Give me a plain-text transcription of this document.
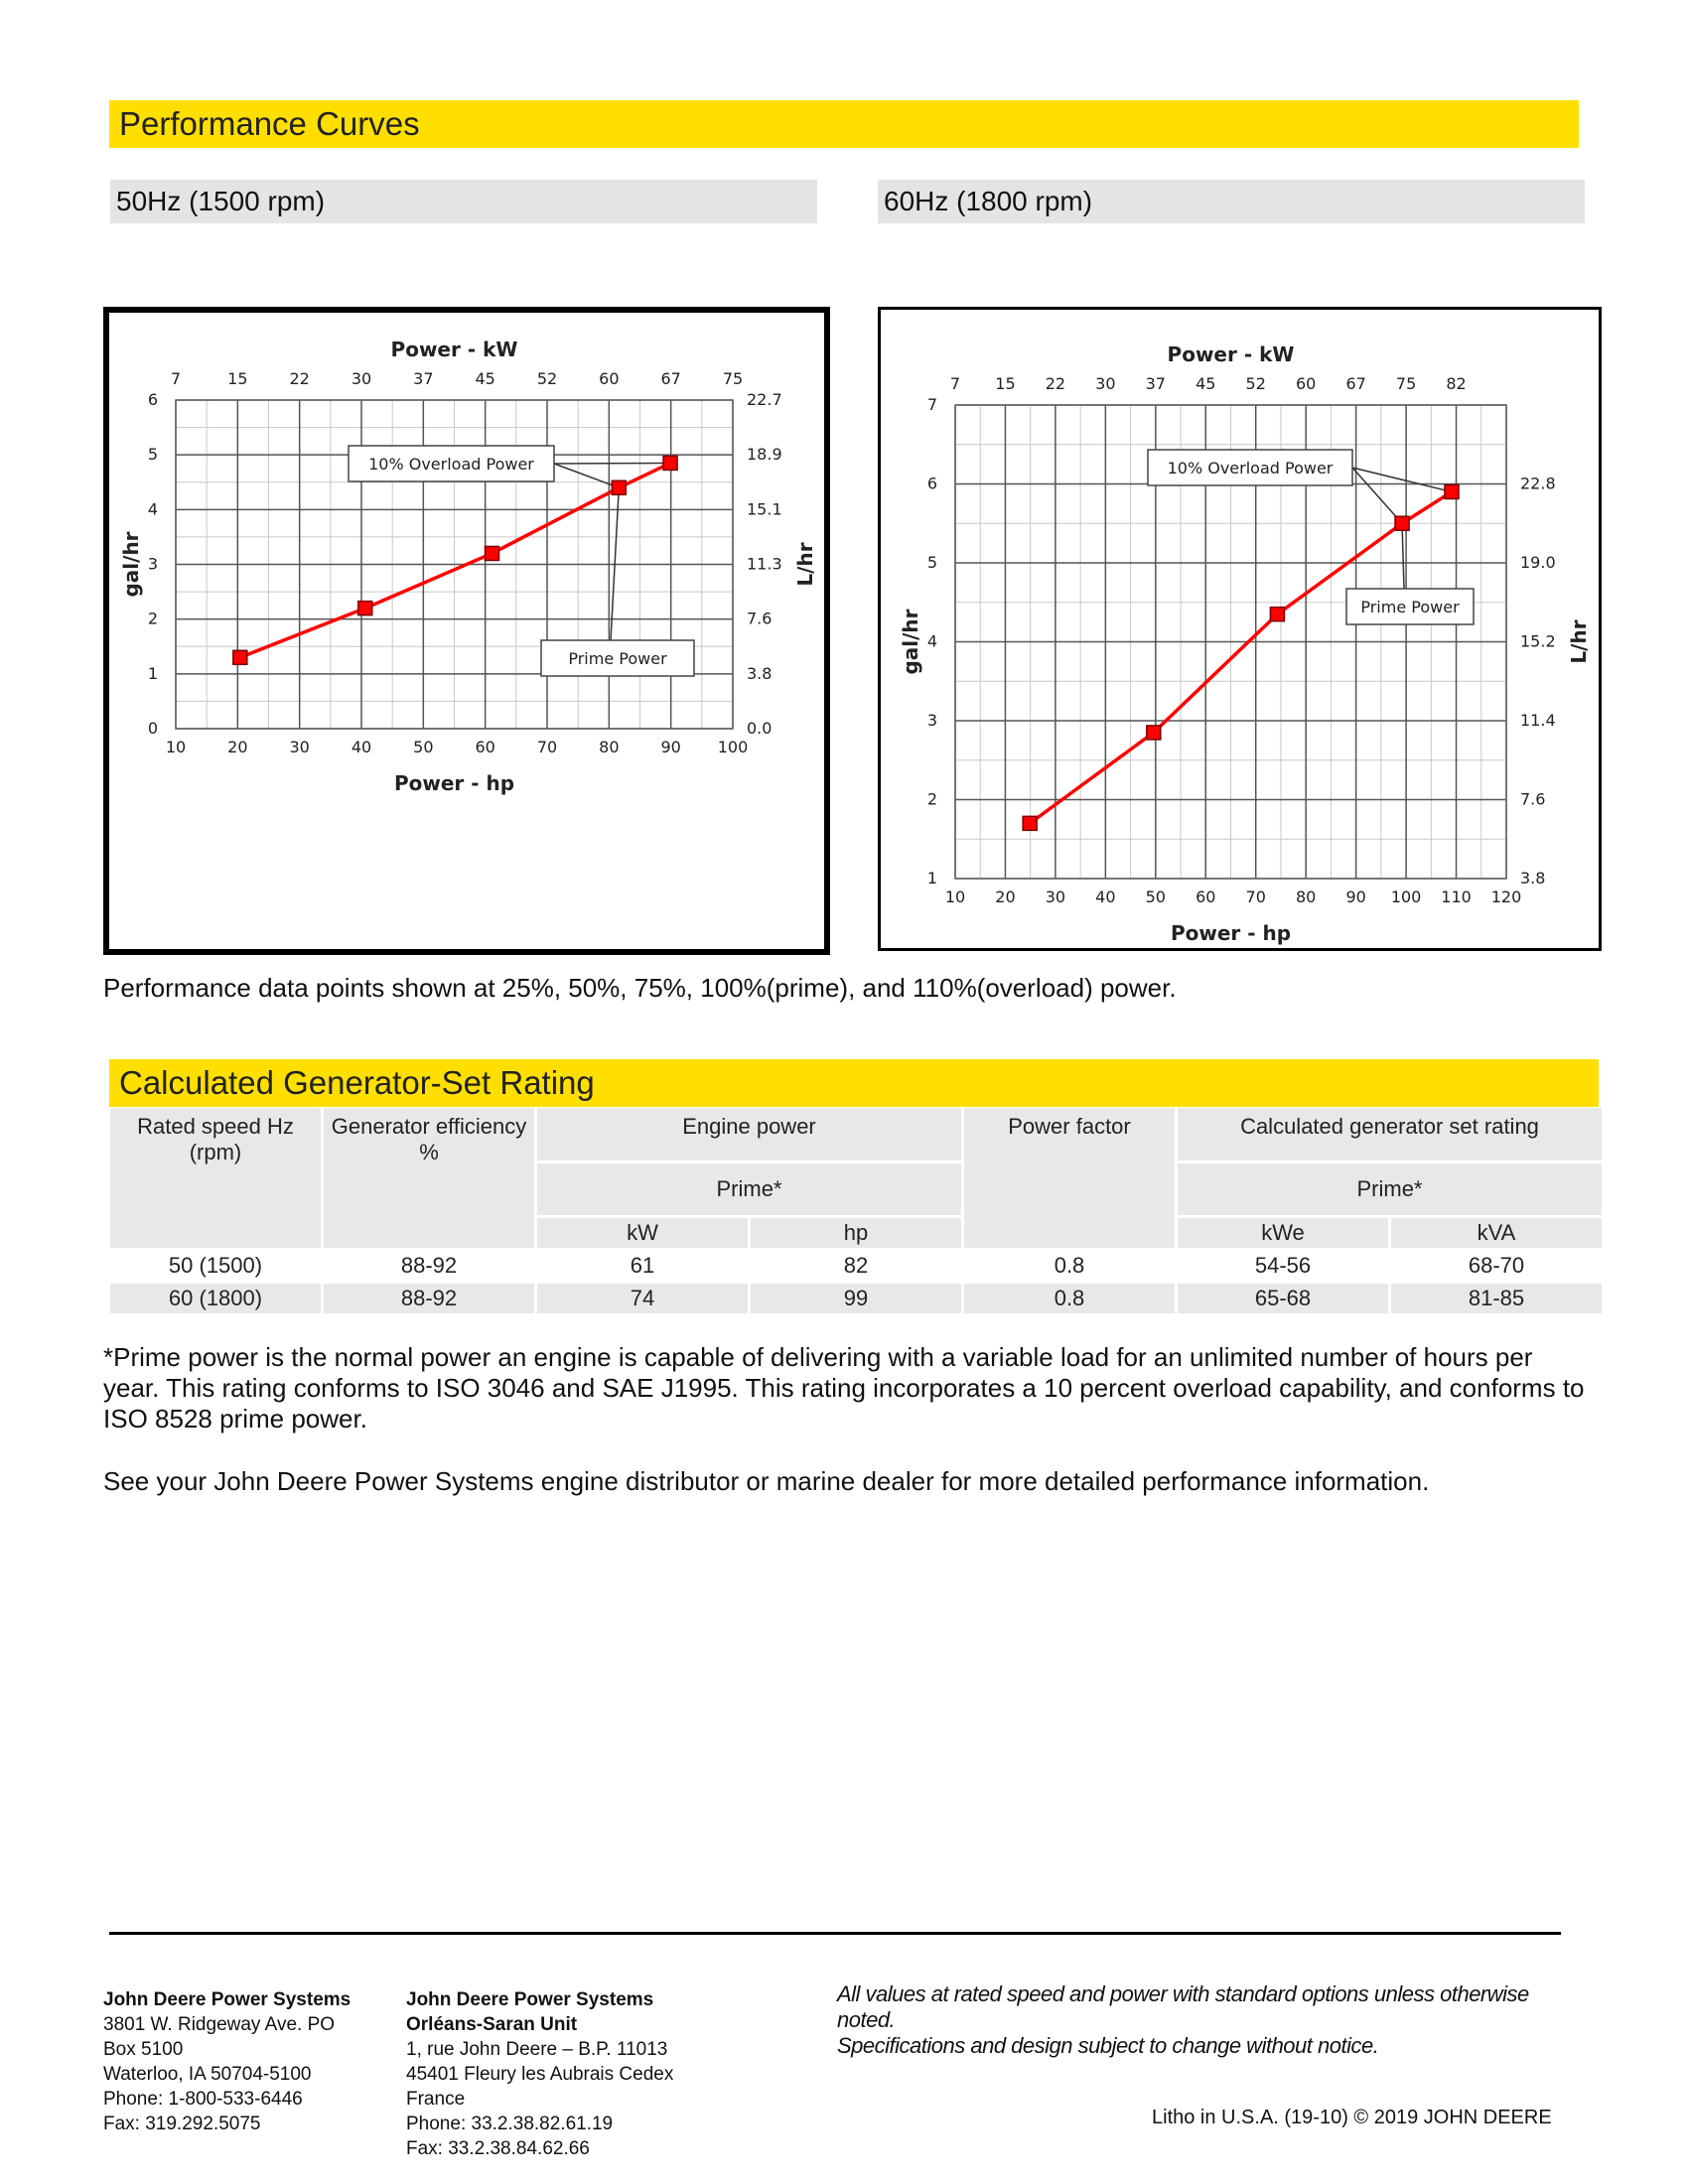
Performance Curves
50Hz (1500 rpm)	60Hz (1800 rpm)
10	20	30	40	50	60	70	80	90 100
7	15	22	30	37	45	52	60	67	75
0
1
2
3
4
5
6
0.0
3.8
7.6
11.3
15.1
18.9
22.7
Power - kW
Power - hp
gal/hr	L/hr
10% Overload Power
Prime Power
10 20 30 40 50 60 70 80 90 100 110 120
7 15 22 30 37 45 52 60 67 75 82
1
2
3
4
5
6
7
3.8
7.6
11.4
15.2
19.0
22.8
Power - kW
Power - hp
gal/hr	L/hr
10% Overload Power
Prime Power
Performance data points shown at 25%, 50%, 75%, 100%(prime), and 110%(overload) power.
Calculated Generator-Set Rating
Rated speed Hz (rpm)	Generator efficiency %	Engine power		Power factor	Calculated generator set rating	
		Prime*			Prime*	
		kW	hp		kWe	kVA
50 (1500)	88-92	61	82	0.8	54-56	68-70
60 (1800)	88-92	74	99	0.8	65-68	81-85
*Prime power is the normal power an engine is capable of delivering with a variable load for an unlimited number of hours per year. This rating conforms to ISO 3046 and SAE J1995. This rating incorporates a 10 percent overload capability, and conforms to ISO 8528 prime power.
See your John Deere Power Systems engine distributor or marine dealer for more detailed performance information.
John Deere Power Systems
3801 W. Ridgeway Ave. PO
Box 5100
Waterloo, IA 50704-5100
Phone: 1-800-533-6446
Fax: 319.292.5075
John Deere Power Systems
Orléans-Saran Unit
1, rue John Deere – B.P. 11013
45401 Fleury les Aubrais Cedex
France
Phone: 33.2.38.82.61.19
Fax: 33.2.38.84.62.66
All values at rated speed and power with standard options unless otherwise noted.
Specifications and design subject to change without notice.
Litho in U.S.A. (19-10) © 2019 JOHN DEERE
